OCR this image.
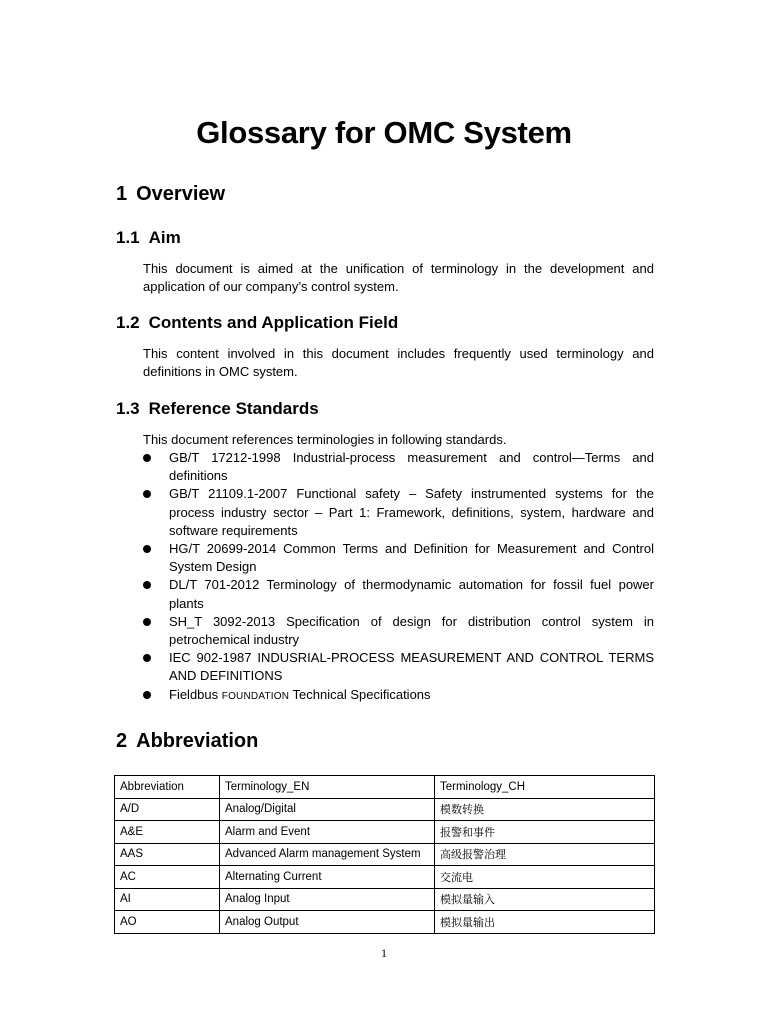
Glossary for OMC System
1 Overview
1.1 Aim
This document is aimed at the unification of terminology in the development and application of our company’s control system.
1.2 Contents and Application Field
This content involved in this document includes frequently used terminology and definitions in OMC system.
1.3 Reference Standards
This document references terminologies in following standards.
GB/T 17212-1998 Industrial-process measurement and control—Terms and definitions
GB/T 21109.1-2007 Functional safety – Safety instrumented systems for the process industry sector – Part 1: Framework, definitions, system, hardware and software requirements
HG/T 20699-2014 Common Terms and Definition for Measurement and Control System Design
DL/T 701-2012 Terminology of thermodynamic automation for fossil fuel power plants
SH_T 3092-2013 Specification of design for distribution control system in petrochemical industry
IEC 902-1987 INDUSRIAL-PROCESS MEASUREMENT AND CONTROL TERMS AND DEFINITIONS
Fieldbus FOUNDATION Technical Specifications
2 Abbreviation
Abbreviation	Terminology_EN	Terminology_CH
A/D	Analog/Digital	模数转换
A&E	Alarm and Event	报警和事件
AAS	Advanced Alarm management System	高级报警治理
AC	Alternating Current	交流电
AI	Analog Input	模拟量输入
AO	Analog Output	模拟量输出
1
